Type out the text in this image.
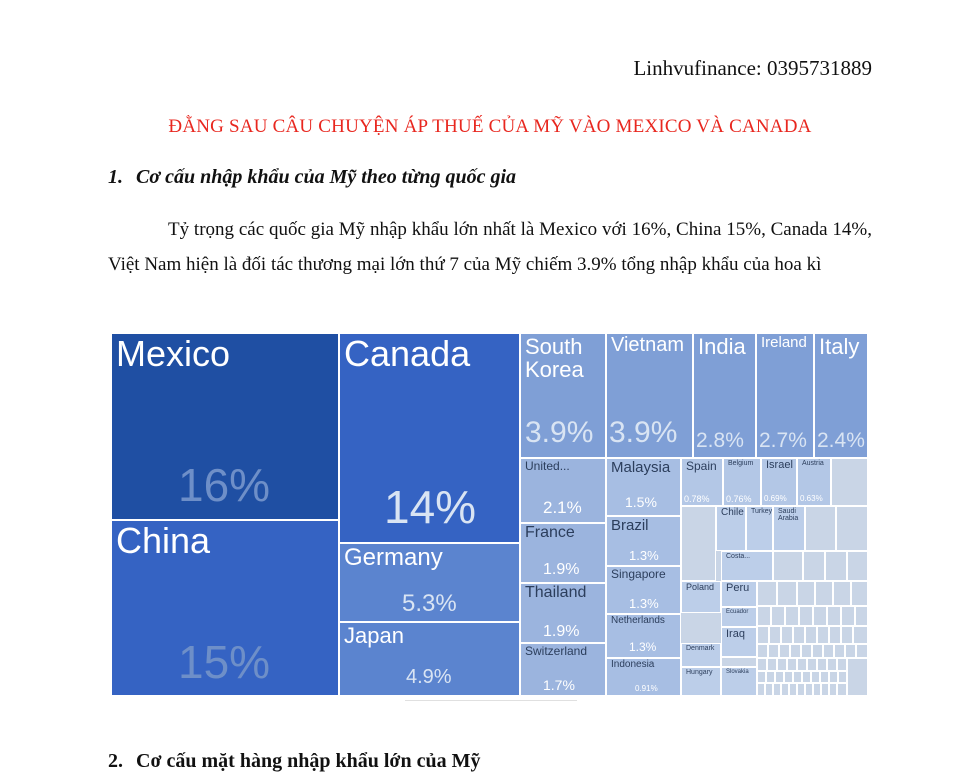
Linhvufinance: 0395731889
ĐẰNG SAU CÂU CHUYỆN ÁP THUẾ CỦA MỸ VÀO MEXICO VÀ CANADA
1. Cơ cấu nhập khẩu của Mỹ theo từng quốc gia

Tỷ trọng các quốc gia Mỹ nhập khẩu lớn nhất là Mexico với 16%, China 15%, Canada 14%, Việt Nam hiện là đối tác thương mại lớn thứ 7 của Mỹ chiếm 3.9% tổng nhập khẩu của hoa kì

Mexico
16%
China
15%
Canada
14%
Germany
5.3%
Japan
4.9%
South Korea
3.9%
Vietnam
3.9%
India
2.8%
Ireland
2.7%
Italy
2.4%
United...
2.1%
France
1.9%
Thailand
1.9%
Switzerland
1.7%
Malaysia
1.5%
Brazil
1.3%
Singapore
1.3%
Netherlands
1.3%
Indonesia
0.91%
Spain
0.78%
Belgium
0.76%
Israel
0.69%
Austria
0.63%
Chile Turkey Saudi Arabia
Costa...
Poland	Peru
Ecuador
Iraq
Denmark
Hungary	Slovakia
2. Cơ cấu mặt hàng nhập khẩu lớn của Mỹ
